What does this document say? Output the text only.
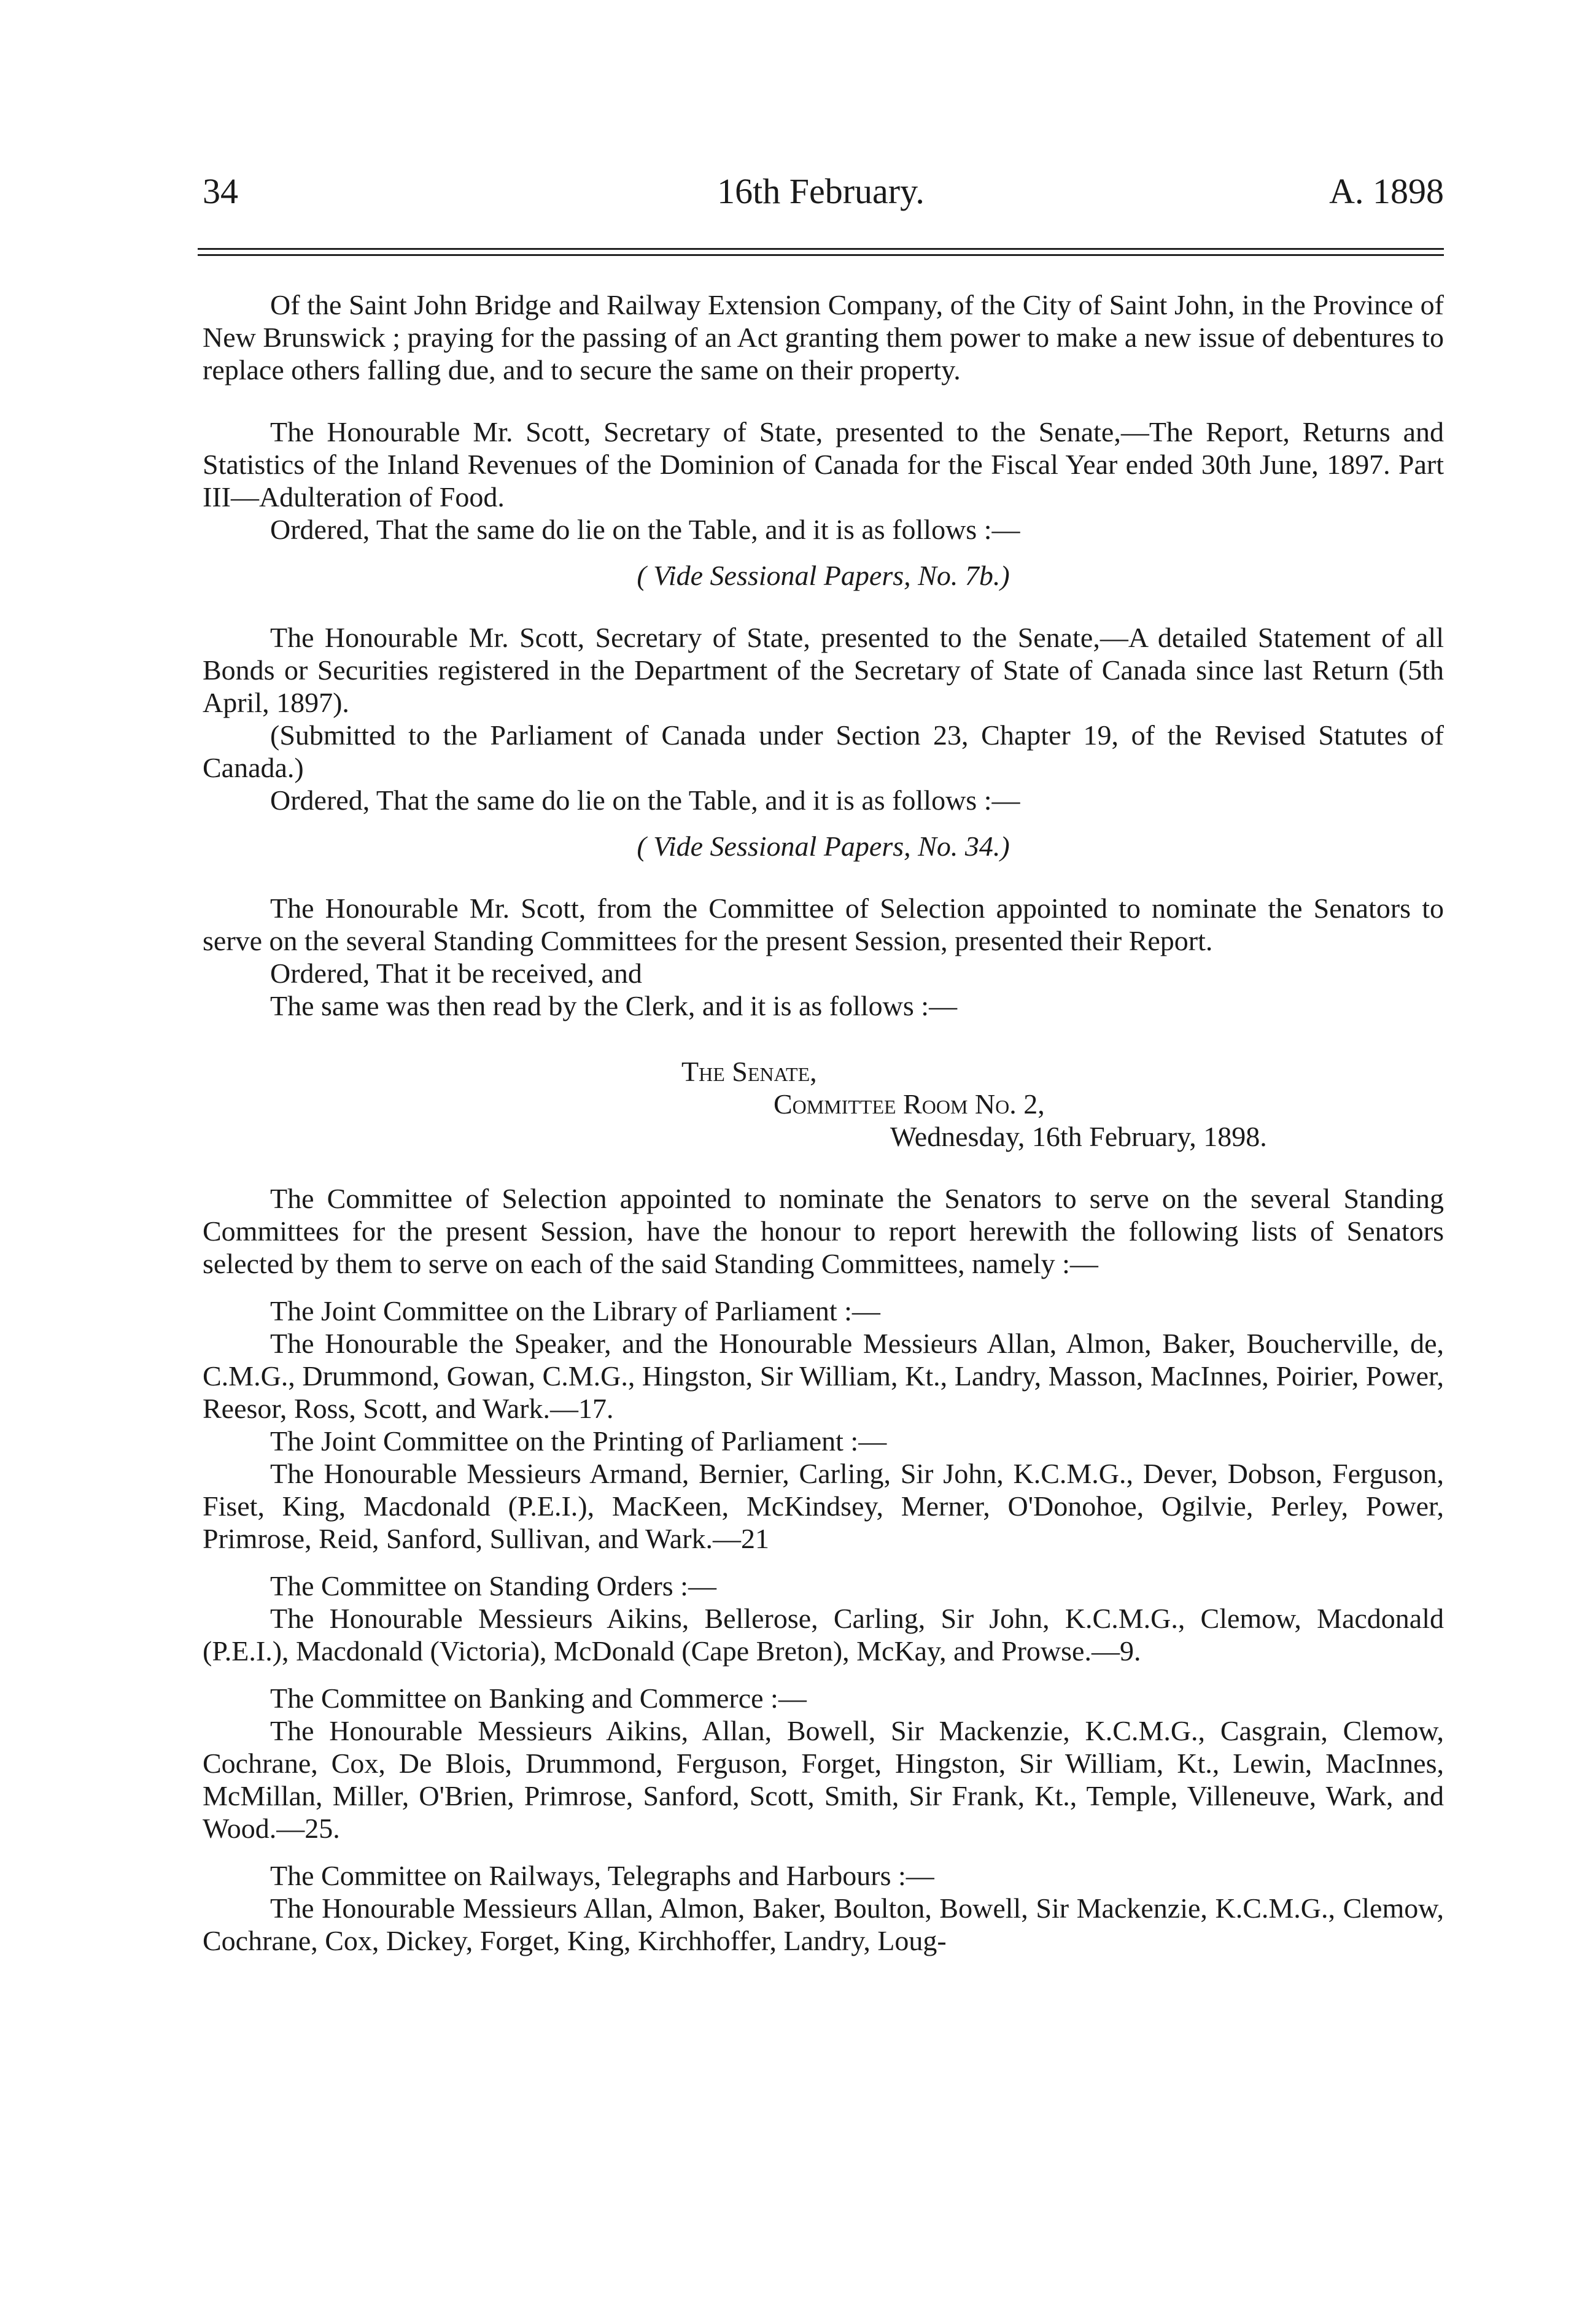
34	16th February.	A. 1898

Of the Saint John Bridge and Railway Extension Company, of the City of Saint John, in the Province of New Brunswick ; praying for the passing of an Act granting them power to make a new issue of debentures to replace others falling due, and to secure the same on their property.

The Honourable Mr. Scott, Secretary of State, presented to the Senate,—The Report, Returns and Statistics of the Inland Revenues of the Dominion of Canada for the Fiscal Year ended 30th June, 1897. Part III—Adulteration of Food.

Ordered, That the same do lie on the Table, and it is as follows :—

( Vide Sessional Papers, No. 7b.)

The Honourable Mr. Scott, Secretary of State, presented to the Senate,—A detailed Statement of all Bonds or Securities registered in the Department of the Secretary of State of Canada since last Return (5th April, 1897).

(Submitted to the Parliament of Canada under Section 23, Chapter 19, of the Revised Statutes of Canada.)

Ordered, That the same do lie on the Table, and it is as follows :—

( Vide Sessional Papers, No. 34.)

The Honourable Mr. Scott, from the Committee of Selection appointed to nominate the Senators to serve on the several Standing Committees for the present Session, presented their Report.

Ordered, That it be received, and

The same was then read by the Clerk, and it is as follows :—

The Senate,

Committee Room No. 2,

Wednesday, 16th February, 1898.

The Committee of Selection appointed to nominate the Senators to serve on the several Standing Committees for the present Session, have the honour to report herewith the following lists of Senators selected by them to serve on each of the said Standing Committees, namely :—

The Joint Committee on the Library of Parliament :—

The Honourable the Speaker, and the Honourable Messieurs Allan, Almon, Baker, Boucherville, de, C.M.G., Drummond, Gowan, C.M.G., Hingston, Sir William, Kt., Landry, Masson, MacInnes, Poirier, Power, Reesor, Ross, Scott, and Wark.—17.

The Joint Committee on the Printing of Parliament :—

The Honourable Messieurs Armand, Bernier, Carling, Sir John, K.C.M.G., Dever, Dobson, Ferguson, Fiset, King, Macdonald (P.E.I.), MacKeen, McKindsey, Merner, O'Donohoe, Ogilvie, Perley, Power, Primrose, Reid, Sanford, Sullivan, and Wark.—21

The Committee on Standing Orders :—

The Honourable Messieurs Aikins, Bellerose, Carling, Sir John, K.C.M.G., Clemow, Macdonald (P.E.I.), Macdonald (Victoria), McDonald (Cape Breton), McKay, and Prowse.—9.

The Committee on Banking and Commerce :—

The Honourable Messieurs Aikins, Allan, Bowell, Sir Mackenzie, K.C.M.G., Casgrain, Clemow, Cochrane, Cox, De Blois, Drummond, Ferguson, Forget, Hingston, Sir William, Kt., Lewin, MacInnes, McMillan, Miller, O'Brien, Primrose, Sanford, Scott, Smith, Sir Frank, Kt., Temple, Villeneuve, Wark, and Wood.—25.

The Committee on Railways, Telegraphs and Harbours :—

The Honourable Messieurs Allan, Almon, Baker, Boulton, Bowell, Sir Mackenzie, K.C.M.G., Clemow, Cochrane, Cox, Dickey, Forget, King, Kirchhoffer, Landry, Loug-
